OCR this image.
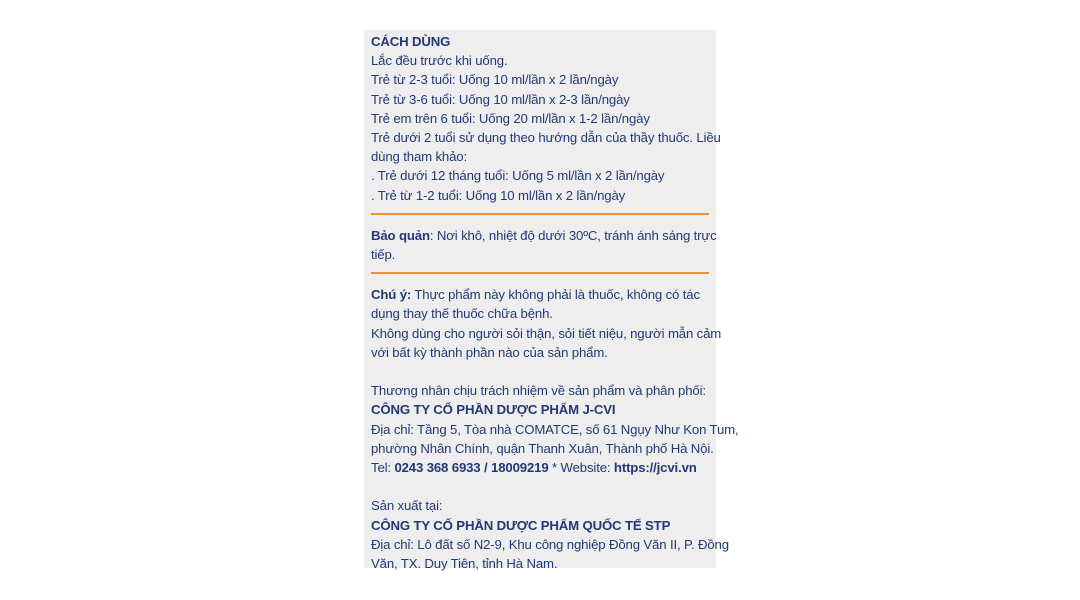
CÁCH DÙNG
Lắc đều trước khi uống.
Trẻ từ 2-3 tuổi: Uống 10 ml/lần x 2 lần/ngày
Trẻ từ 3-6 tuổi: Uống 10 ml/lần x 2-3 lần/ngày
Trẻ em trên 6 tuổi: Uống 20 ml/lần x 1-2 lần/ngày
Trẻ dưới 2 tuổi sử dụng theo hướng dẫn của thầy thuốc. Liều
dùng tham khảo:
. Trẻ dưới 12 tháng tuổi: Uống 5 ml/lần x 2 lần/ngày
. Trẻ từ 1-2 tuổi: Uống 10 ml/lần x 2 lần/ngày
Bảo quản: Nơi khô, nhiệt độ dưới 30ºC, tránh ánh sáng trực
tiếp.
Chú ý: Thực phẩm này không phải là thuốc, không có tác
dụng thay thế thuốc chữa bệnh.
Không dùng cho người sỏi thận, sỏi tiết niệu, người mẫn cảm
với bất kỳ thành phần nào của sản phẩm.
Thương nhân chịu trách nhiệm về sản phẩm và phân phối:
CÔNG TY CỔ PHẦN DƯỢC PHẨM J-CVI
Địa chỉ: Tầng 5, Tòa nhà COMATCE, số 61 Ngụy Như Kon Tum,
phường Nhân Chính, quận Thanh Xuân, Thành phố Hà Nội.
Tel: 0243 368 6933 / 18009219 * Website: https://jcvi.vn
Sản xuất tại:
CÔNG TY CỔ PHẦN DƯỢC PHẨM QUỐC TẾ STP
Địa chỉ: Lô đất số N2-9, Khu công nghiệp Đồng Văn II, P. Đồng
Văn, TX. Duy Tiên, tỉnh Hà Nam.
